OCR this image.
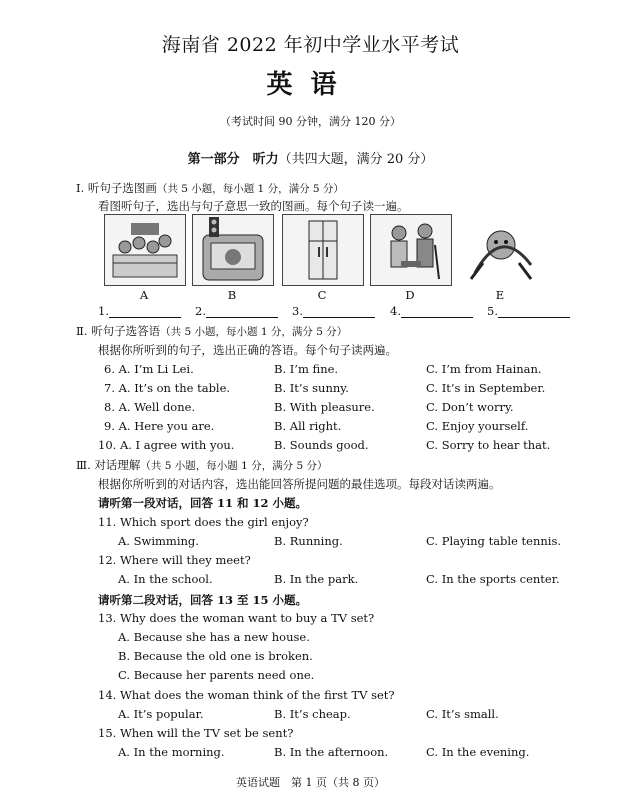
海南省 2022 年初中学业水平考试
英语
（考试时间 90 分钟，满分 120 分）
第一部分　听力（共四大题，满分 20 分）
Ⅰ. 听句子选图画（共 5 小题，每小题 1 分，满分 5 分）
看图听句子，选出与句子意思一致的图画。每个句子读一遍。
A	B	C	D	E
1.	2.	3.	4.	5.
Ⅱ. 听句子选答语（共 5 小题，每小题 1 分，满分 5 分）
根据你所听到的句子，选出正确的答语。每个句子读两遍。
6. A. I’m Li Lei.	B. I’m fine.	C. I’m from Hainan.
7. A. It’s on the table.	B. It’s sunny.	C. It’s in September.
8. A. Well done.	B. With pleasure.	C. Don’t worry.
9. A. Here you are.	B. All right.	C. Enjoy yourself.
10. A. I agree with you.	B. Sounds good.	C. Sorry to hear that.
Ⅲ. 对话理解（共 5 小题，每小题 1 分，满分 5 分）
根据你所听到的对话内容，选出能回答所提问题的最佳选项。每段对话读两遍。
请听第一段对话，回答 11 和 12 小题。
11. Which sport does the girl enjoy?
A. Swimming.	B. Running.	C. Playing table tennis.
12. Where will they meet?
A. In the school.	B. In the park.	C. In the sports center.
请听第二段对话，回答 13 至 15 小题。
13. Why does the woman want to buy a TV set?
A. Because she has a new house.
B. Because the old one is broken.
C. Because her parents need one.
14. What does the woman think of the first TV set?
A. It’s popular.	B. It’s cheap.	C. It’s small.
15. When will the TV set be sent?
A. In the morning.	B. In the afternoon.	C. In the evening.
英语试题　第 1 页（共 8 页）
